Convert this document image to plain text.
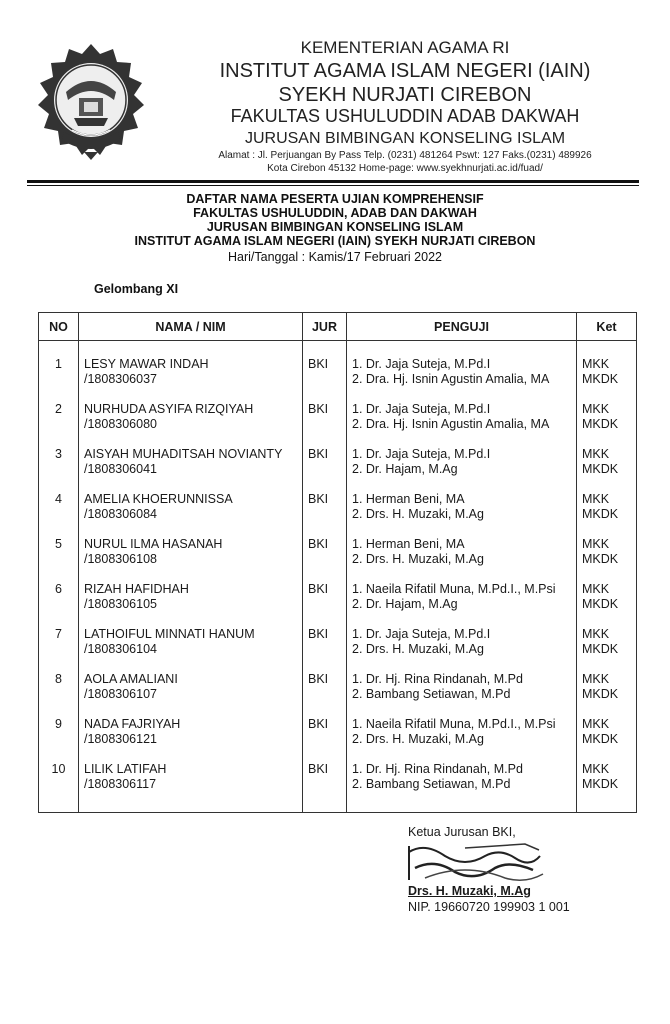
KEMENTERIAN AGAMA RI
INSTITUT AGAMA ISLAM NEGERI (IAIN)
SYEKH NURJATI CIREBON
FAKULTAS USHULUDDIN ADAB DAKWAH
JURUSAN BIMBINGAN KONSELING ISLAM
Alamat : Jl. Perjuangan By Pass Telp. (0231) 481264 Pswt: 127 Faks.(0231) 489926
Kota Cirebon 45132 Home-page: www.syekhnurjati.ac.id/fuad/
DAFTAR NAMA PESERTA UJIAN KOMPREHENSIF
FAKULTAS USHULUDDIN, ADAB DAN DAKWAH
JURUSAN BIMBINGAN KONSELING ISLAM
INSTITUT AGAMA ISLAM NEGERI (IAIN) SYEKH NURJATI CIREBON
Hari/Tanggal : Kamis/17 Februari 2022
Gelombang XI
NO	NAMA / NIM	JUR	PENGUJI	Ket

1	LESY MAWAR INDAH
/1808306037	BKI	1. Dr. Jaja Suteja, M.Pd.I
2. Dra. Hj. Isnin Agustin Amalia, MA	MKK
MKDK

2	NURHUDA ASYIFA RIZQIYAH
/1808306080	BKI	1. Dr. Jaja Suteja, M.Pd.I
2. Dra. Hj. Isnin Agustin Amalia, MA	MKK
MKDK

3	AISYAH MUHADITSAH NOVIANTY
/1808306041	BKI	1. Dr. Jaja Suteja, M.Pd.I
2. Dr. Hajam, M.Ag	MKK
MKDK

4	AMELIA KHOERUNNISSA
/1808306084	BKI	1. Herman Beni, MA
2. Drs. H. Muzaki, M.Ag	MKK
MKDK

5	NURUL ILMA HASANAH
/1808306108	BKI	1. Herman Beni, MA
2. Drs. H. Muzaki, M.Ag	MKK
MKDK

6	RIZAH HAFIDHAH
/1808306105	BKI	1. Naeila Rifatil Muna, M.Pd.I., M.Psi
2. Dr. Hajam, M.Ag	MKK
MKDK

7	LATHOIFUL MINNATI HANUM
/1808306104	BKI	1. Dr. Jaja Suteja, M.Pd.I
2. Drs. H. Muzaki, M.Ag	MKK
MKDK

8	AOLA AMALIANI
/1808306107	BKI	1. Dr. Hj. Rina Rindanah, M.Pd
2. Bambang Setiawan, M.Pd	MKK
MKDK

9	NADA FAJRIYAH
/1808306121	BKI	1. Naeila Rifatil Muna, M.Pd.I., M.Psi
2. Drs. H. Muzaki, M.Ag	MKK
MKDK

10	LILIK LATIFAH
/1808306117	BKI	1. Dr. Hj. Rina Rindanah, M.Pd
2. Bambang Setiawan, M.Pd	MKK
MKDK
Ketua Jurusan BKI,
Drs. H. Muzaki, M.Ag
NIP. 19660720 199903 1 001
